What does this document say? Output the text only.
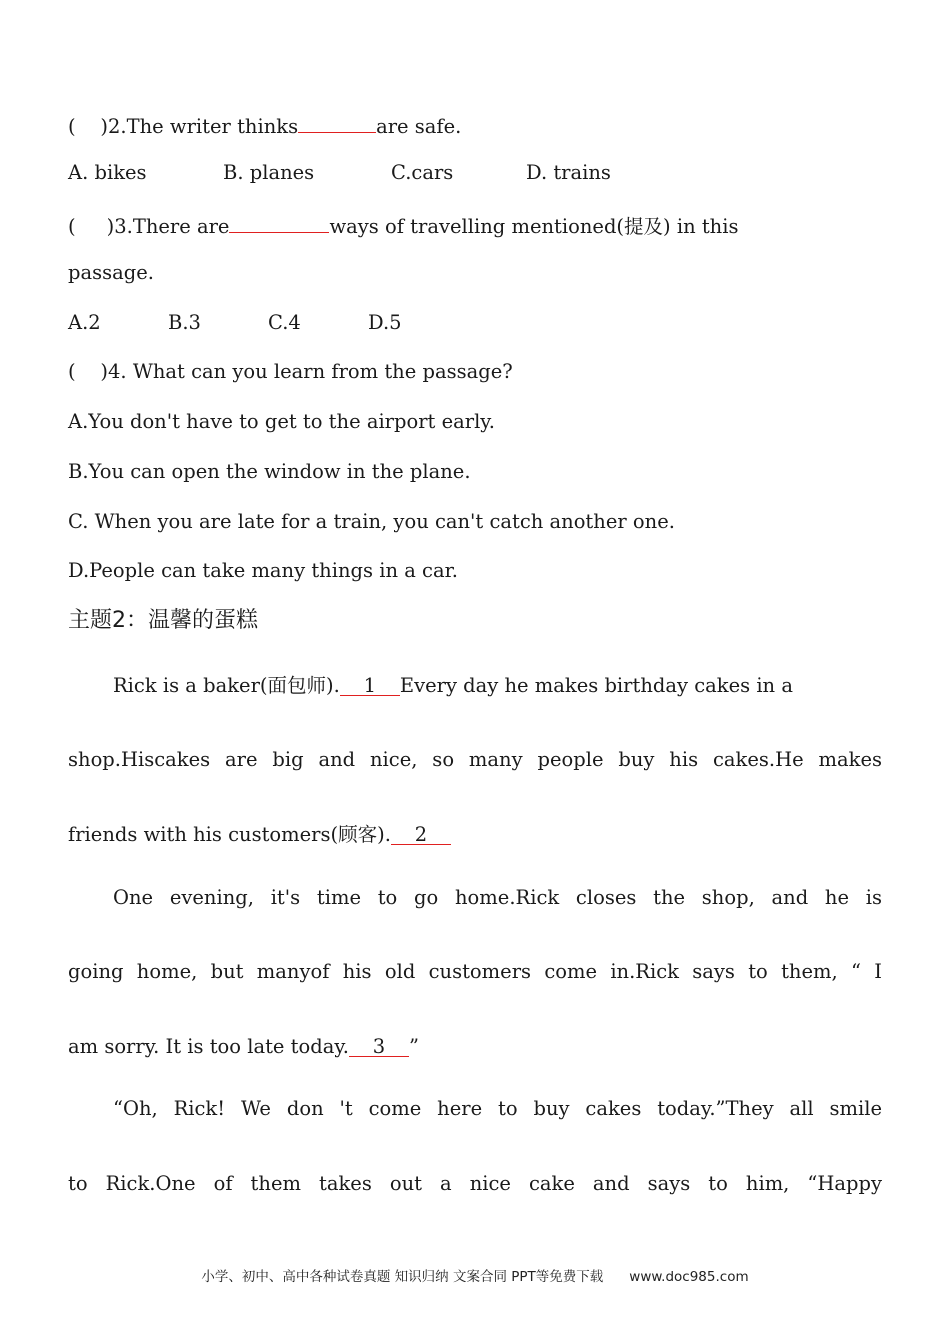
(    )2.The writer thinks	are safe.
A. bikes	B. planes	C.cars	D. trains
(     )3.There are	ways of travelling mentioned(提及) in this
passage.
A.2	B.3	C.4	D.5
(    )4. What can you learn from the passage?
A.You don't have to get to the airport early.
B.You can open the window in the plane.
C. When you are late for a train, you can't catch another one.
D.People can take many things in a car.
主题2：温馨的蛋糕
Rick is a baker(面包师). 1 Every day he makes birthday cakes in a
shop.Hiscakes are big and nice, so many people buy his cakes.He makes
friends with his customers(顾客). 2
One evening, it's time to go home.Rick closes the shop, and he is
going home, but manyof his old customers come in.Rick says to them, “ I
am sorry. It is too late today. 3 ”
“Oh, Rick! We don 't come here to buy cakes today.”They all smile
to Rick.One of them takes out a nice cake and says to him, “Happy
小学、初中、高中各种试卷真题 知识归纳 文案合同 PPT等免费下载 www.doc985.com
